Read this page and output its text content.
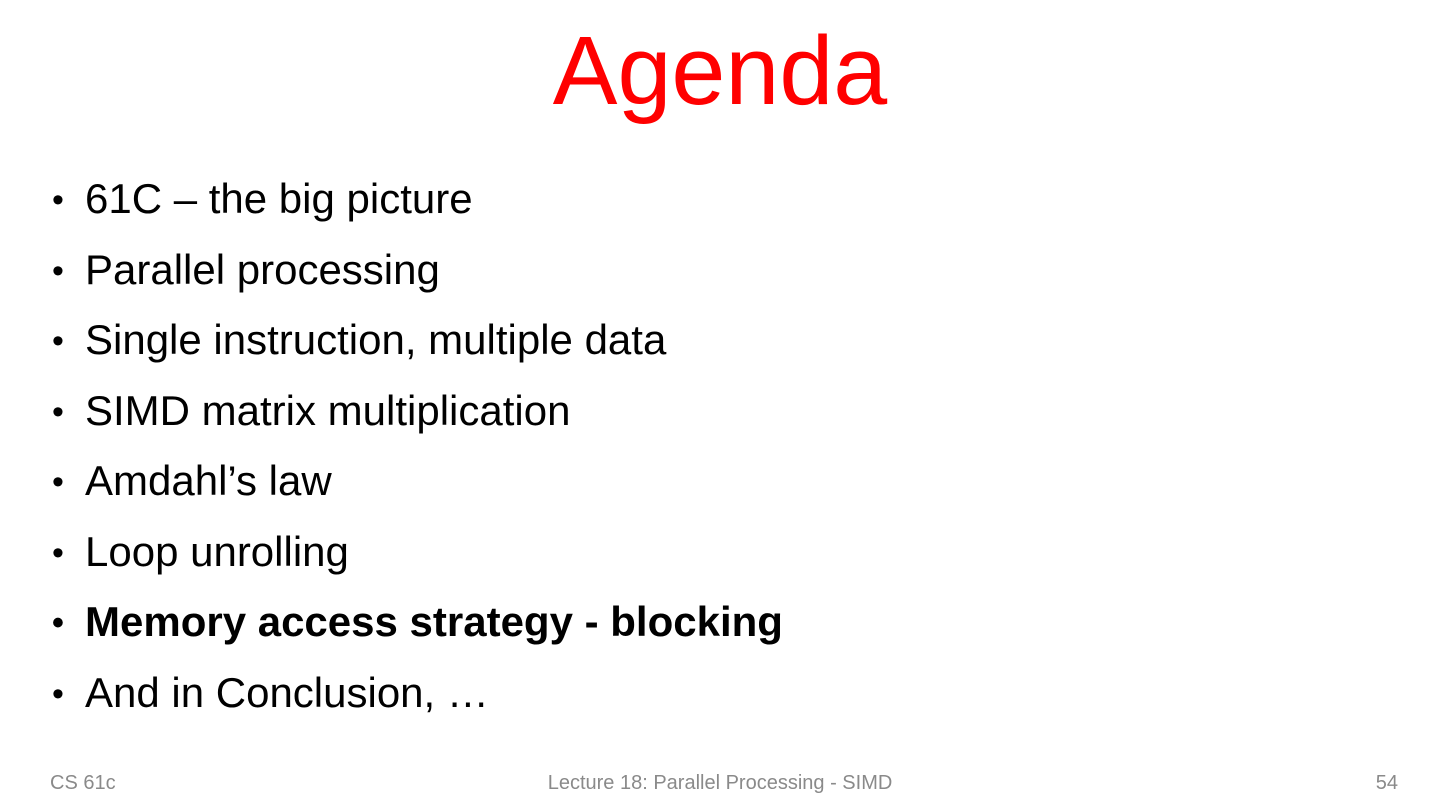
Agenda
• 61C – the big picture
• Parallel processing
• Single instruction, multiple data
• SIMD matrix multiplication
• Amdahl’s law
• Loop unrolling
• Memory access strategy - blocking
• And in Conclusion, …
CS 61c	Lecture 18: Parallel Processing - SIMD	54
